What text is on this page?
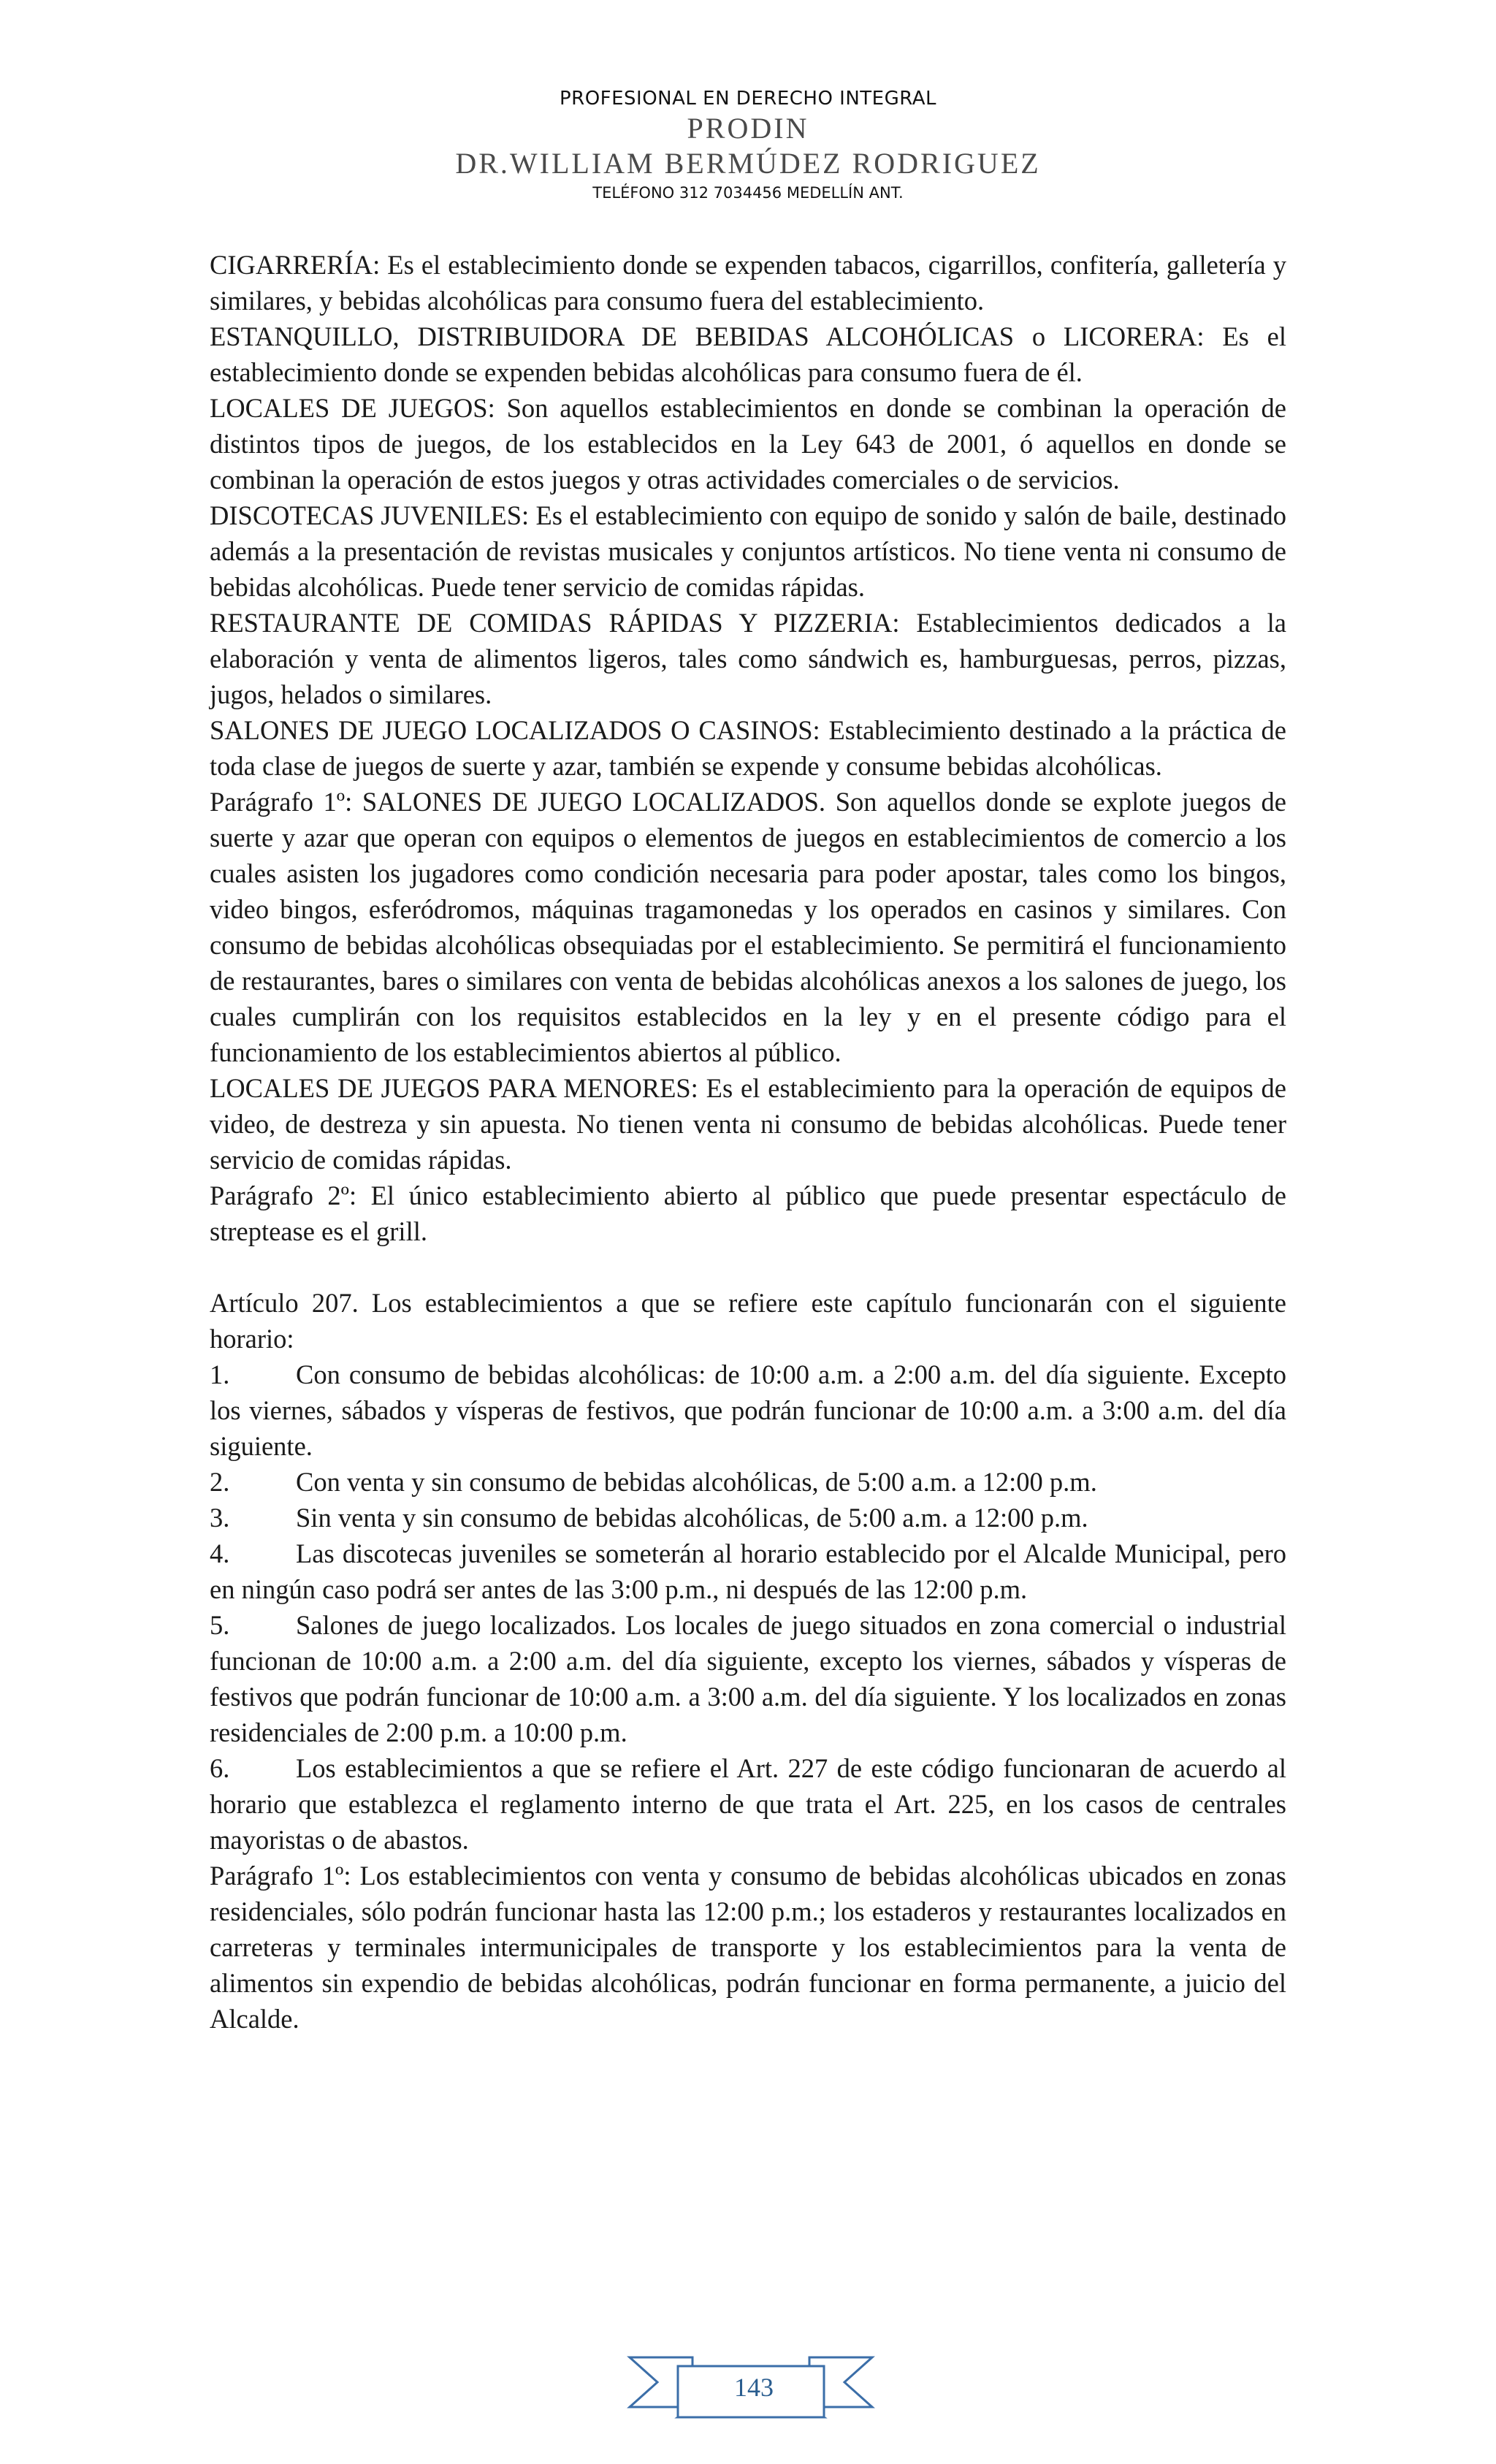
PROFESIONAL EN DERECHO INTEGRAL
PRODIN
DR.WILLIAM BERMÚDEZ RODRIGUEZ
TELÉFONO 312 7034456 MEDELLÍN ANT.

CIGARRERÍA: Es el establecimiento donde se expenden tabacos, cigarrillos, confitería, galletería y similares, y bebidas alcohólicas para consumo fuera del establecimiento.

ESTANQUILLO, DISTRIBUIDORA DE BEBIDAS ALCOHÓLICAS o LICORERA: Es el establecimiento donde se expenden bebidas alcohólicas para consumo fuera de él.

LOCALES DE JUEGOS: Son aquellos establecimientos en donde se combinan la operación de distintos tipos de juegos, de los establecidos en la Ley 643 de 2001, ó aquellos en donde se combinan la operación de estos juegos y otras actividades comerciales o de servicios.

DISCOTECAS JUVENILES: Es el establecimiento con equipo de sonido y salón de baile, destinado además a la presentación de revistas musicales y conjuntos artísticos. No tiene venta ni consumo de bebidas alcohólicas. Puede tener servicio de comidas rápidas.

RESTAURANTE DE COMIDAS RÁPIDAS Y PIZZERIA: Establecimientos dedicados a la elaboración y venta de alimentos ligeros, tales como sándwich es, hamburguesas, perros, pizzas, jugos, helados o similares.

SALONES DE JUEGO LOCALIZADOS O CASINOS: Establecimiento destinado a la práctica de toda clase de juegos de suerte y azar, también se expende y consume bebidas alcohólicas.

Parágrafo 1º: SALONES DE JUEGO LOCALIZADOS. Son aquellos donde se explote juegos de suerte y azar que operan con equipos o elementos de juegos en establecimientos de comercio a los cuales asisten los jugadores como condición necesaria para poder apostar, tales como los bingos, video bingos, esferódromos, máquinas tragamonedas y los operados en casinos y similares. Con consumo de bebidas alcohólicas obsequiadas por el establecimiento. Se permitirá el funcionamiento de restaurantes, bares o similares con venta de bebidas alcohólicas anexos a los salones de juego, los cuales cumplirán con los requisitos establecidos en la ley y en el presente código para el funcionamiento de los establecimientos abiertos al público.

LOCALES DE JUEGOS PARA MENORES: Es el establecimiento para la operación de equipos de video, de destreza y sin apuesta. No tienen venta ni consumo de bebidas alcohólicas. Puede tener servicio de comidas rápidas.

Parágrafo 2º: El único establecimiento abierto al público que puede presentar espectáculo de streptease es el grill.

Artículo 207. Los establecimientos a que se refiere este capítulo funcionarán con el siguiente horario:

1. Con consumo de bebidas alcohólicas: de 10:00 a.m. a 2:00 a.m. del día siguiente. Excepto los viernes, sábados y vísperas de festivos, que podrán funcionar de 10:00 a.m. a 3:00 a.m. del día siguiente.

2. Con venta y sin consumo de bebidas alcohólicas, de 5:00 a.m. a 12:00 p.m.

3. Sin venta y sin consumo de bebidas alcohólicas, de 5:00 a.m. a 12:00 p.m.

4. Las discotecas juveniles se someterán al horario establecido por el Alcalde Municipal, pero en ningún caso podrá ser antes de las 3:00 p.m., ni después de las 12:00 p.m.

5. Salones de juego localizados. Los locales de juego situados en zona comercial o industrial funcionan de 10:00 a.m. a 2:00 a.m. del día siguiente, excepto los viernes, sábados y vísperas de festivos que podrán funcionar de 10:00 a.m. a 3:00 a.m. del día siguiente. Y los localizados en zonas residenciales de 2:00 p.m. a 10:00 p.m.

6. Los establecimientos a que se refiere el Art. 227 de este código funcionaran de acuerdo al horario que establezca el reglamento interno de que trata el Art. 225, en los casos de centrales mayoristas o de abastos.

Parágrafo 1º: Los establecimientos con venta y consumo de bebidas alcohólicas ubicados en zonas residenciales, sólo podrán funcionar hasta las 12:00 p.m.; los estaderos y restaurantes localizados en carreteras y terminales intermunicipales de transporte y los establecimientos para la venta de alimentos sin expendio de bebidas alcohólicas, podrán funcionar en forma permanente, a juicio del Alcalde.

143
